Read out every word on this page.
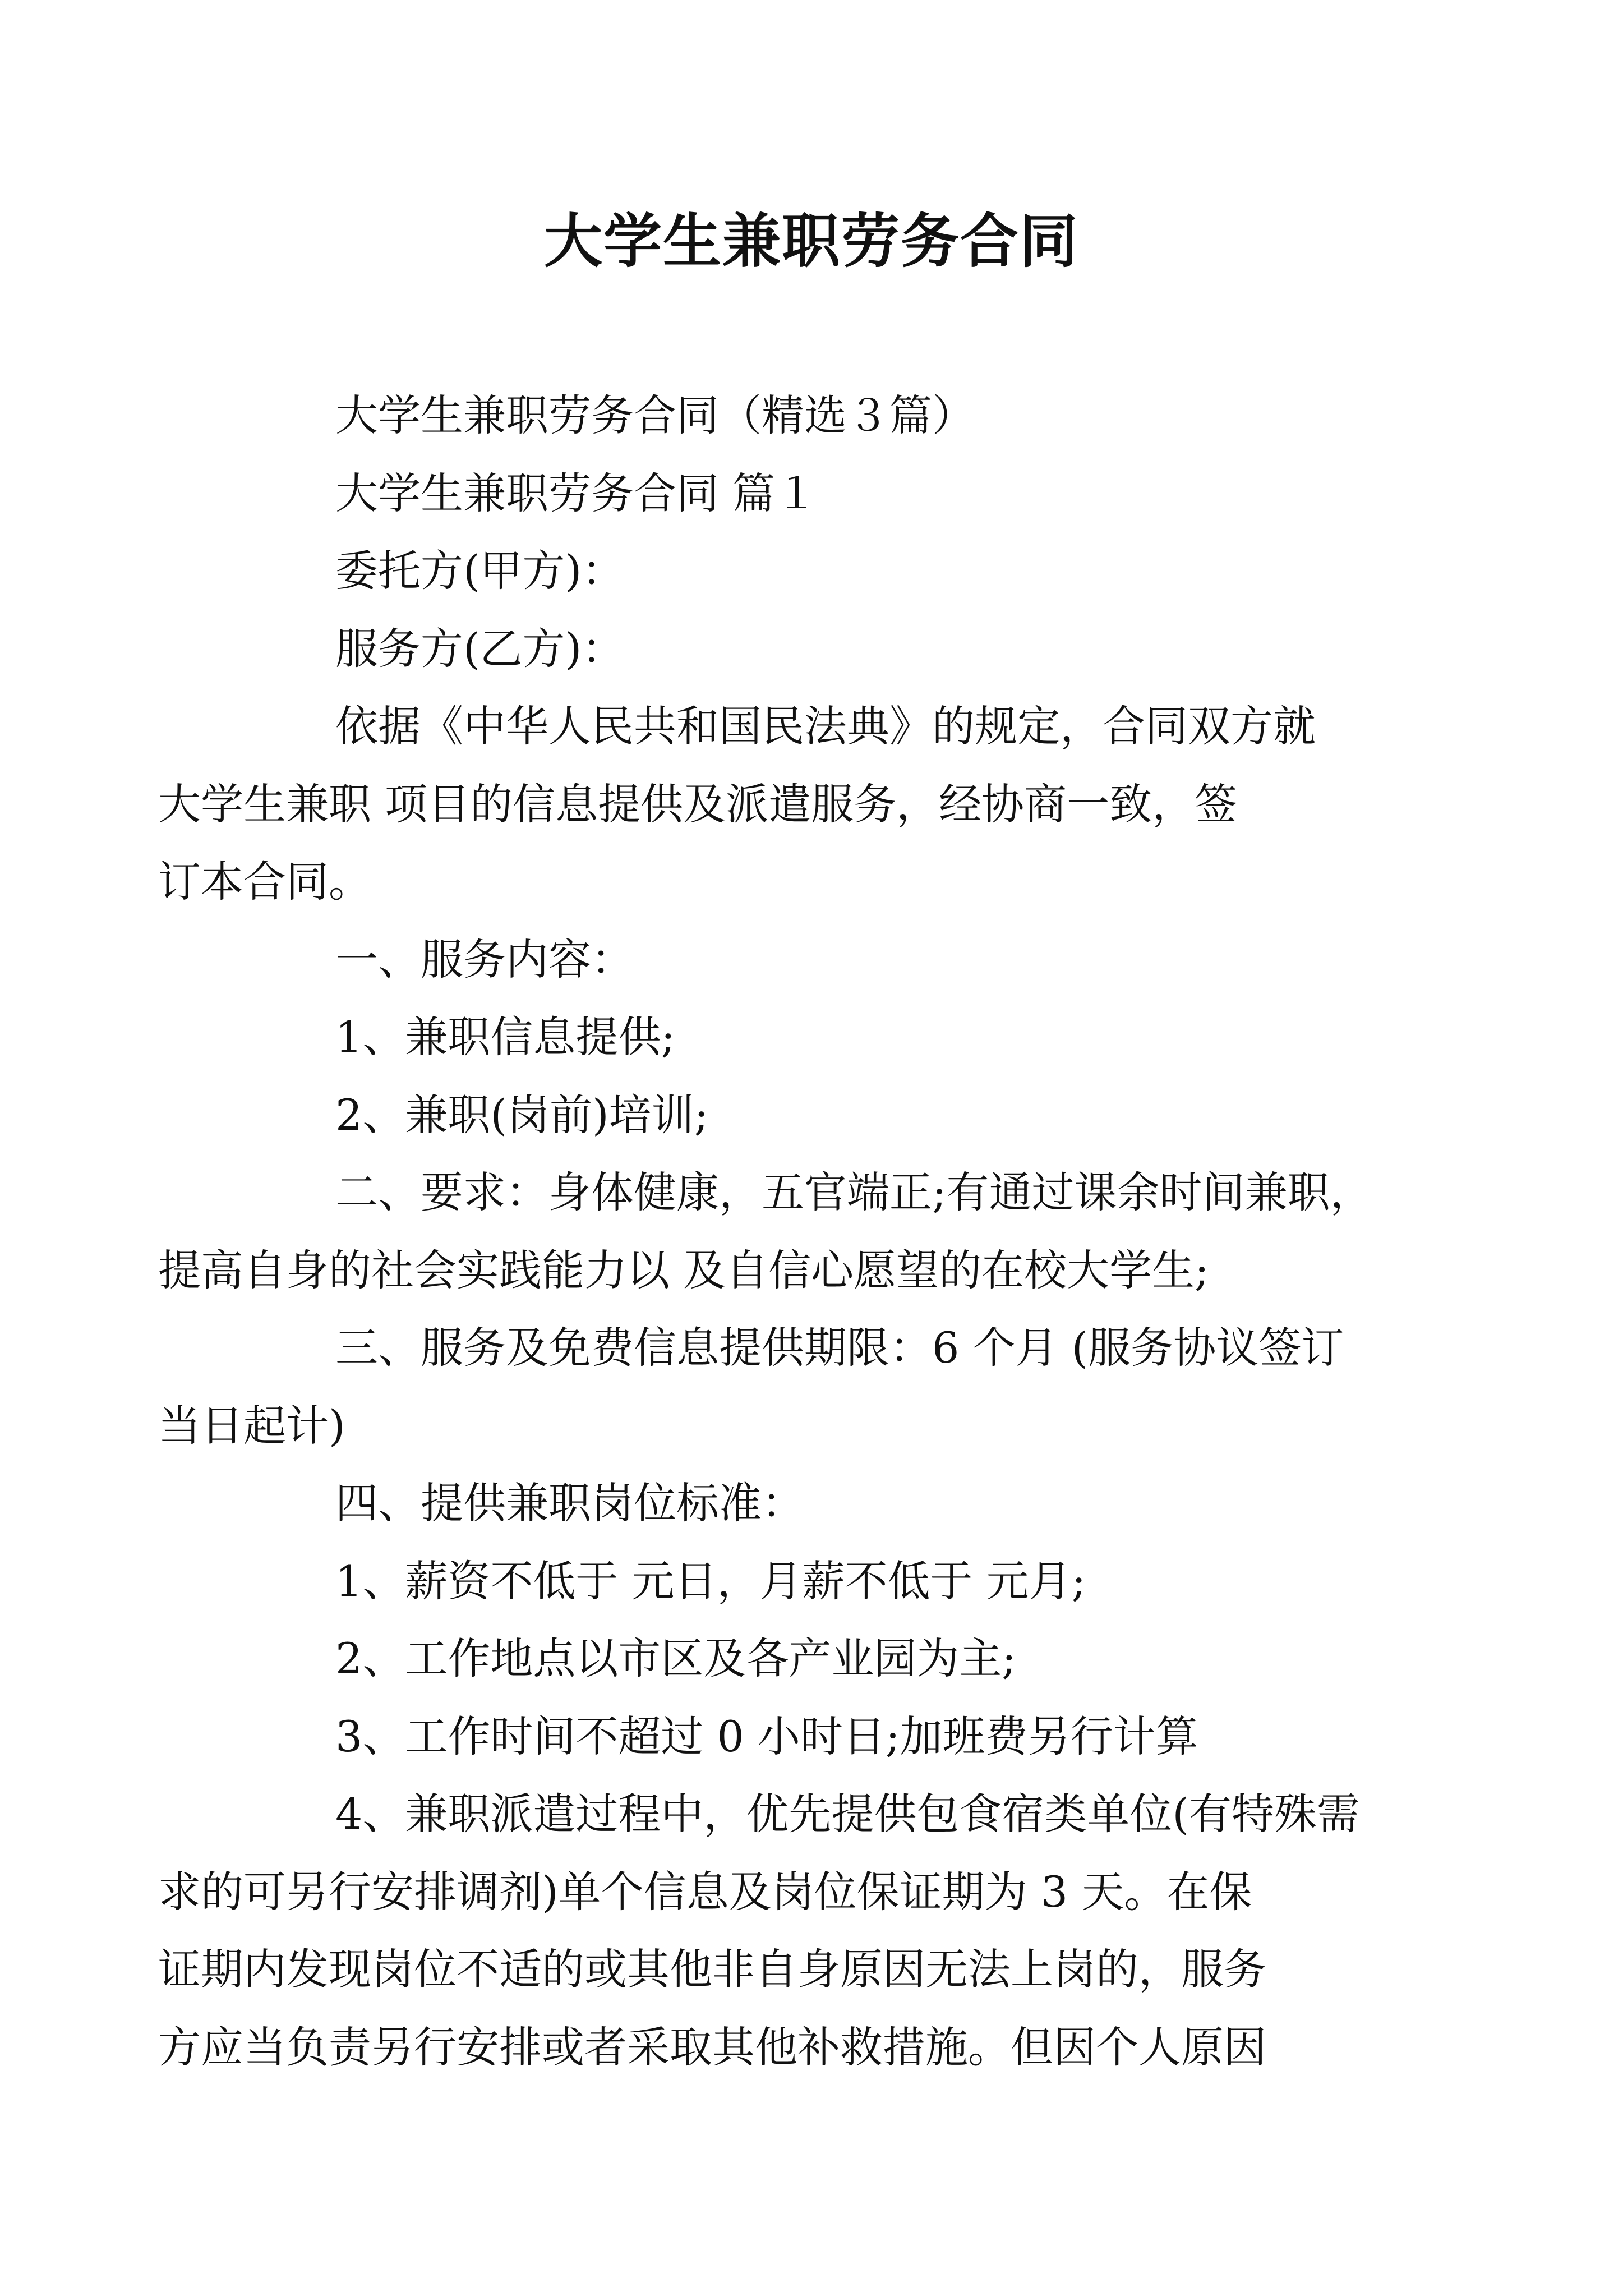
大学生兼职劳务合同
大学生兼职劳务合同（精选３篇）
大学生兼职劳务合同 篇１
委托方(甲方)：
服务方(乙方)：
依据《中华人民共和国民法典》的规定，合同双方就
大学生兼职 项目的信息提供及派遣服务，经协商一致，签
订本合同。
一、服务内容：
1、兼职信息提供;
2、兼职(岗前)培训;
二、要求：身体健康，五官端正;有通过课余时间兼职，
提高自身的社会实践能力以 及自信心愿望的在校大学生;
三、服务及免费信息提供期限：6 个月 (服务协议签订
当日起计)
四、提供兼职岗位标准：
1、薪资不低于 元日，月薪不低于 元月;
2、工作地点以市区及各产业园为主;
3、工作时间不超过 0 小时日;加班费另行计算
4、兼职派遣过程中，优先提供包食宿类单位(有特殊需
求的可另行安排调剂)单个信息及岗位保证期为 3 天。在保
证期内发现岗位不适的或其他非自身原因无法上岗的，服务
方应当负责另行安排或者采取其他补救措施。但因个人原因
